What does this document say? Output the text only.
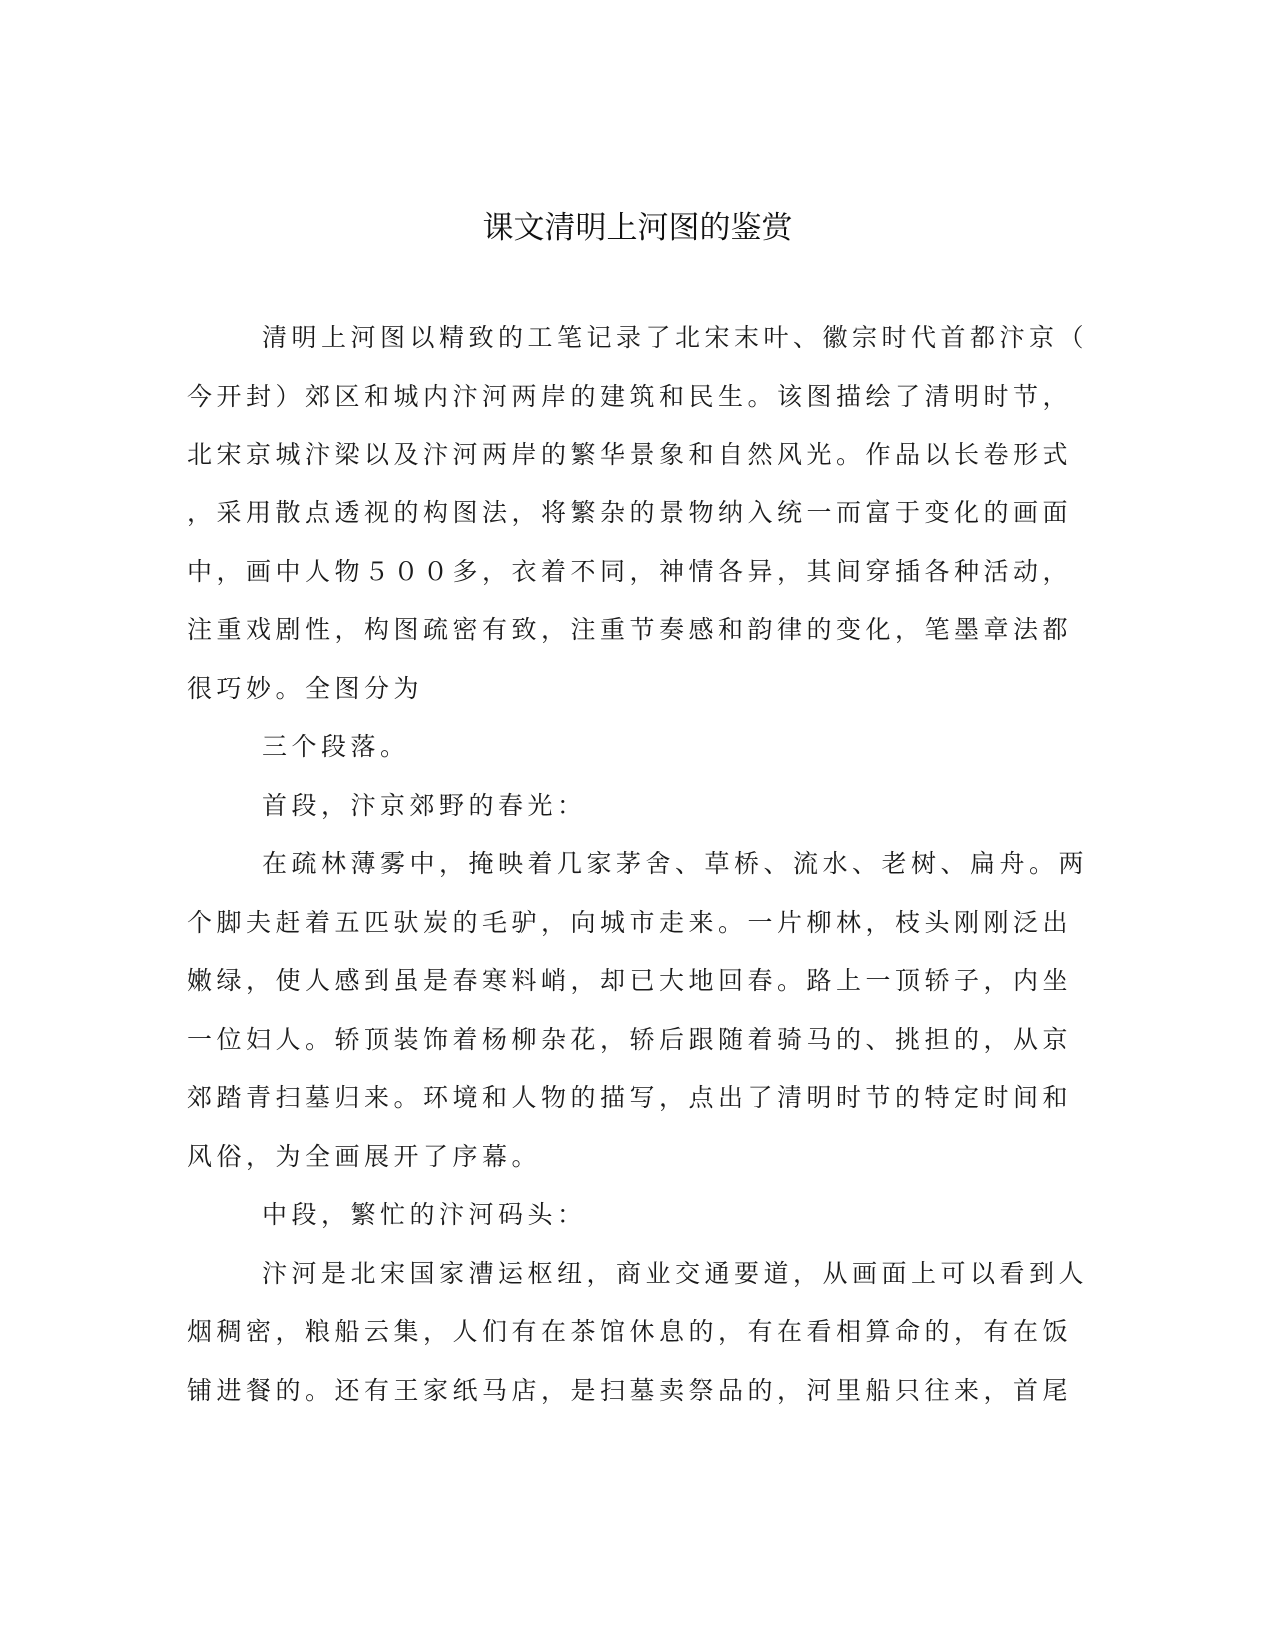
课文清明上河图的鉴赏
清明上河图以精致的工笔记录了北宋末叶、徽宗时代首都汴京（
今开封）郊区和城内汴河两岸的建筑和民生。该图描绘了清明时节，
北宋京城汴梁以及汴河两岸的繁华景象和自然风光。作品以长卷形式
，采用散点透视的构图法，将繁杂的景物纳入统一而富于变化的画面
中，画中人物５００多，衣着不同，神情各异，其间穿插各种活动，
注重戏剧性，构图疏密有致，注重节奏感和韵律的变化，笔墨章法都
很巧妙。全图分为
三个段落。
首段，汴京郊野的春光：
在疏林薄雾中，掩映着几家茅舍、草桥、流水、老树、扁舟。两
个脚夫赶着五匹驮炭的毛驴，向城市走来。一片柳林，枝头刚刚泛出
嫩绿，使人感到虽是春寒料峭，却已大地回春。路上一顶轿子，内坐
一位妇人。轿顶装饰着杨柳杂花，轿后跟随着骑马的、挑担的，从京
郊踏青扫墓归来。环境和人物的描写，点出了清明时节的特定时间和
风俗，为全画展开了序幕。
中段，繁忙的汴河码头：
汴河是北宋国家漕运枢纽，商业交通要道，从画面上可以看到人
烟稠密，粮船云集，人们有在茶馆休息的，有在看相算命的，有在饭
铺进餐的。还有王家纸马店，是扫墓卖祭品的，河里船只往来，首尾
